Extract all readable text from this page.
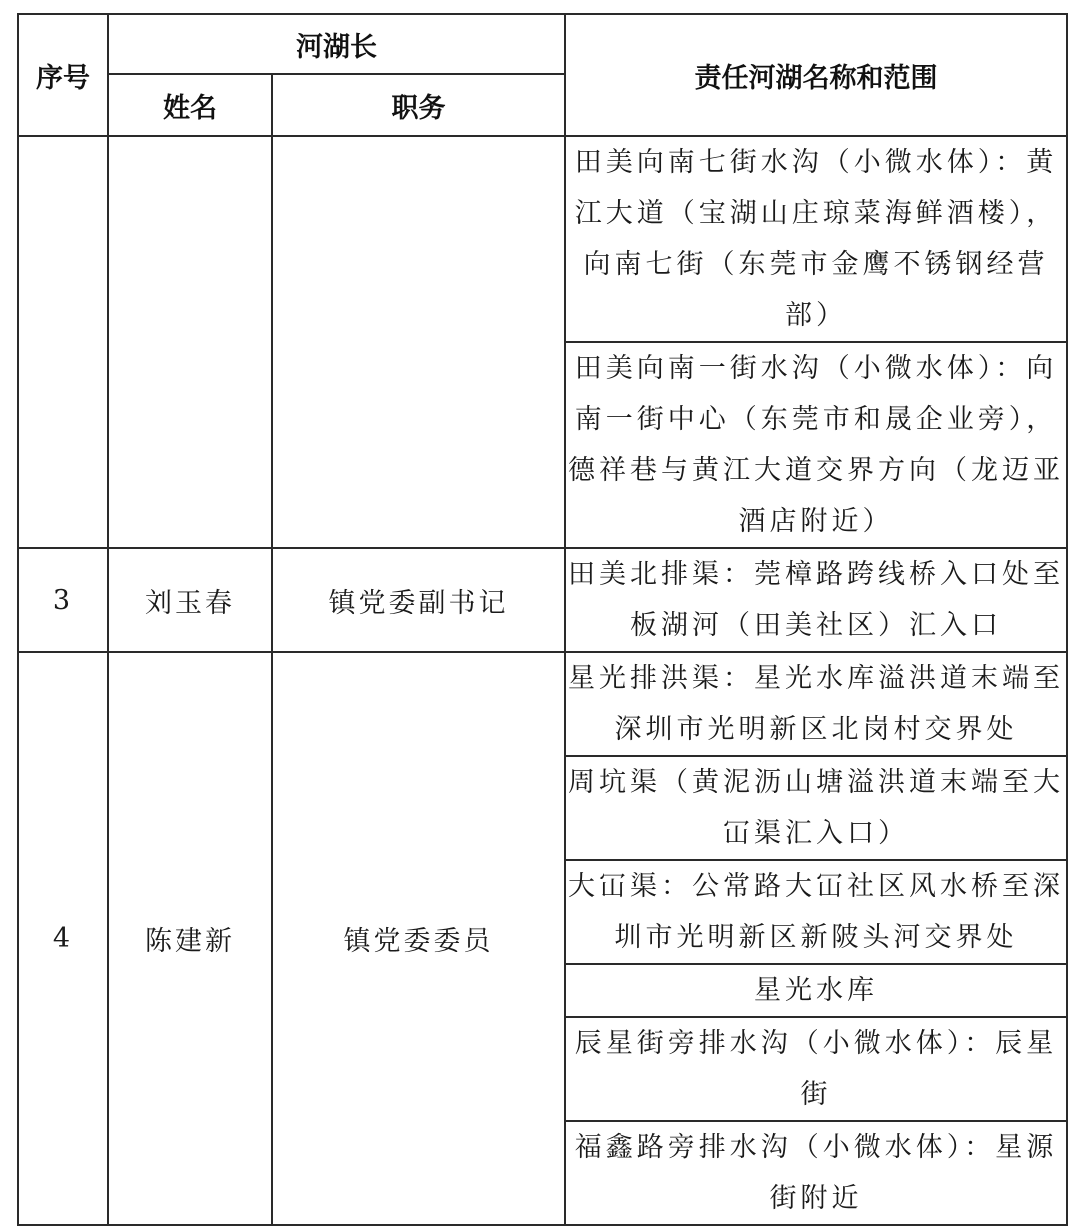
序号	河湖长		责任河湖名称和范围
	姓名	职务	
			田美向南七街水沟（小微水体）：黄江大道（宝湖山庄琼菜海鲜酒楼），向南七街（东莞市金鹰不锈钢经营部）
			田美向南一街水沟（小微水体）：向南一街中心（东莞市和晟企业旁），德祥巷与黄江大道交界方向（龙迈亚酒店附近）
3	刘玉春	镇党委副书记	田美北排渠：莞樟路跨线桥入口处至板湖河（田美社区）汇入口
4	陈建新	镇党委委员	星光排洪渠：星光水库溢洪道末端至深圳市光明新区北岗村交界处
			周坑渠（黄泥沥山塘溢洪道末端至大冚渠汇入口）
			大冚渠：公常路大冚社区风水桥至深圳市光明新区新陂头河交界处
			星光水库
			辰星街旁排水沟（小微水体）：辰星街
			福鑫路旁排水沟（小微水体）：星源街附近
